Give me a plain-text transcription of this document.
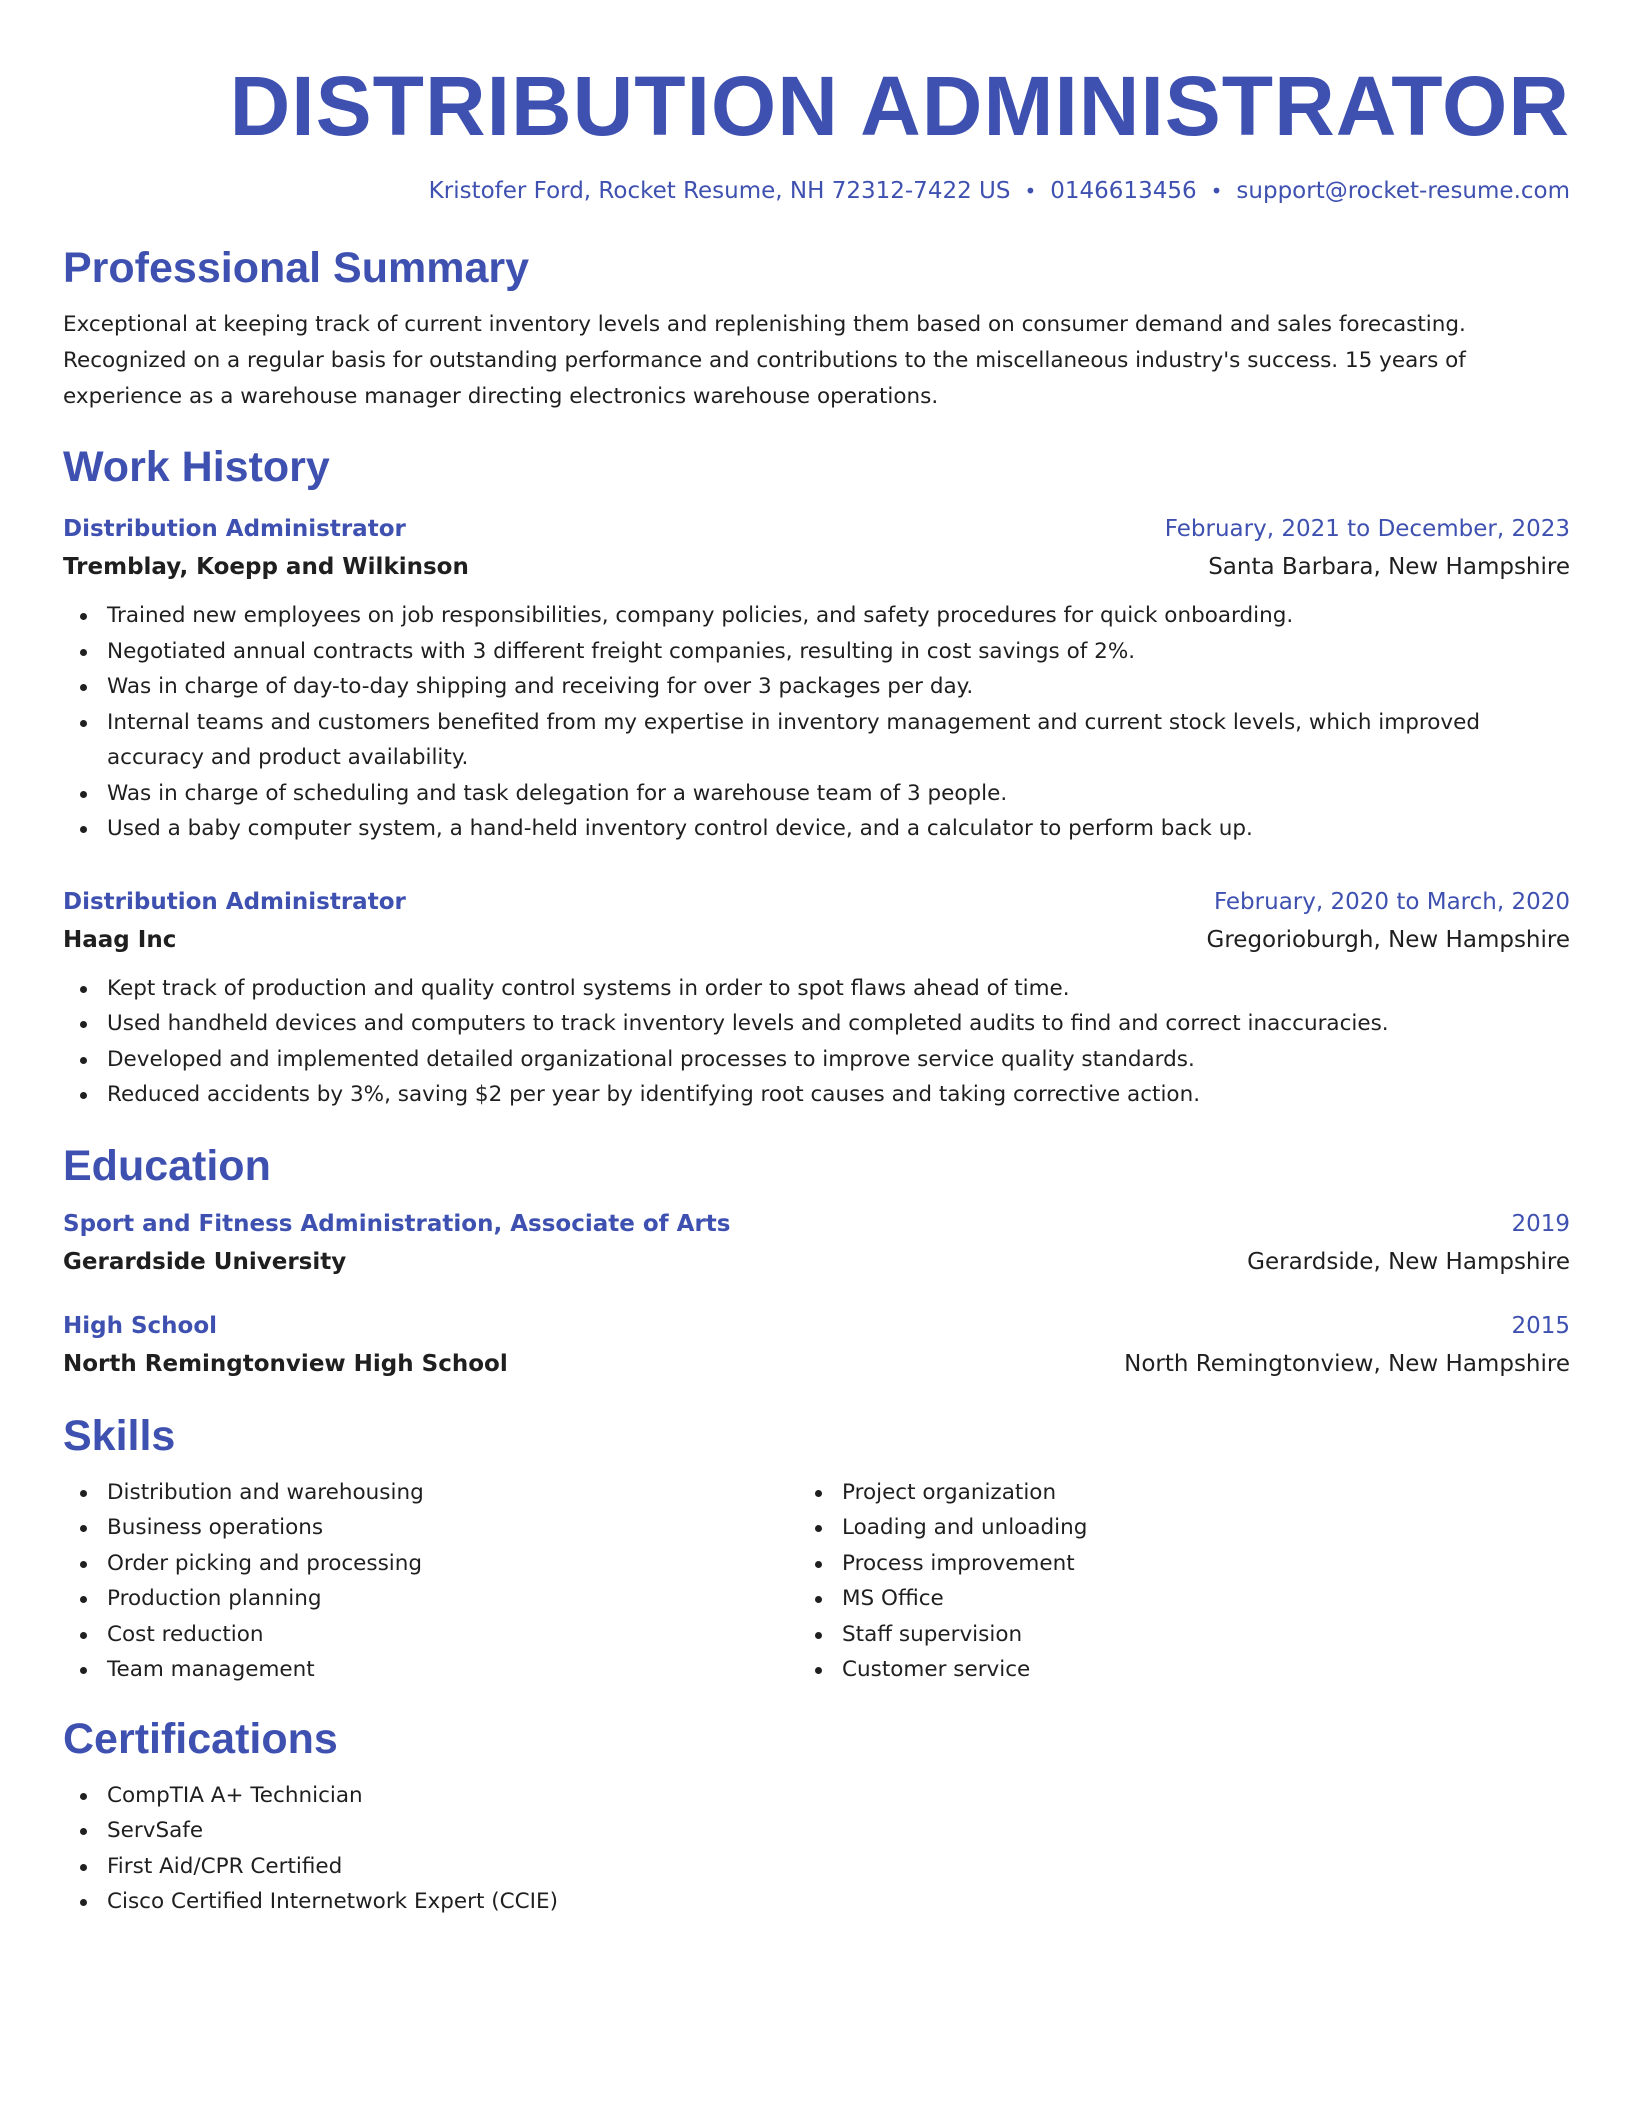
DISTRIBUTION ADMINISTRATOR
Kristofer Ford, Rocket Resume, NH 72312-7422 US • 0146613456 • support@rocket-resume.com
Professional Summary

Exceptional at keeping track of current inventory levels and replenishing them based on consumer demand and sales forecasting. Recognized on a regular basis for outstanding performance and contributions to the miscellaneous industry's success. 15 years of experience as a warehouse manager directing electronics warehouse operations.

Work History
Distribution Administrator	February, 2021 to December, 2023
Tremblay, Koepp and Wilkinson	Santa Barbara, New Hampshire
Trained new employees on job responsibilities, company policies, and safety procedures for quick onboarding.
Negotiated annual contracts with 3 different freight companies, resulting in cost savings of 2%.
Was in charge of day-to-day shipping and receiving for over 3 packages per day.
Internal teams and customers benefited from my expertise in inventory management and current stock levels, which improved accuracy and product availability.
Was in charge of scheduling and task delegation for a warehouse team of 3 people.
Used a baby computer system, a hand-held inventory control device, and a calculator to perform back up.
Distribution Administrator	February, 2020 to March, 2020
Haag Inc	Gregorioburgh, New Hampshire
Kept track of production and quality control systems in order to spot flaws ahead of time.
Used handheld devices and computers to track inventory levels and completed audits to find and correct inaccuracies.
Developed and implemented detailed organizational processes to improve service quality standards.
Reduced accidents by 3%, saving $2 per year by identifying root causes and taking corrective action.
Education
Sport and Fitness Administration, Associate of Arts	2019
Gerardside University	Gerardside, New Hampshire
High School	2015
North Remingtonview High School	North Remingtonview, New Hampshire
Skills
Distribution and warehousing
Business operations
Order picking and processing
Production planning
Cost reduction
Team management
Project organization
Loading and unloading
Process improvement
MS Office
Staff supervision
Customer service
Certifications
CompTIA A+ Technician
ServSafe
First Aid/CPR Certified
Cisco Certified Internetwork Expert (CCIE)
